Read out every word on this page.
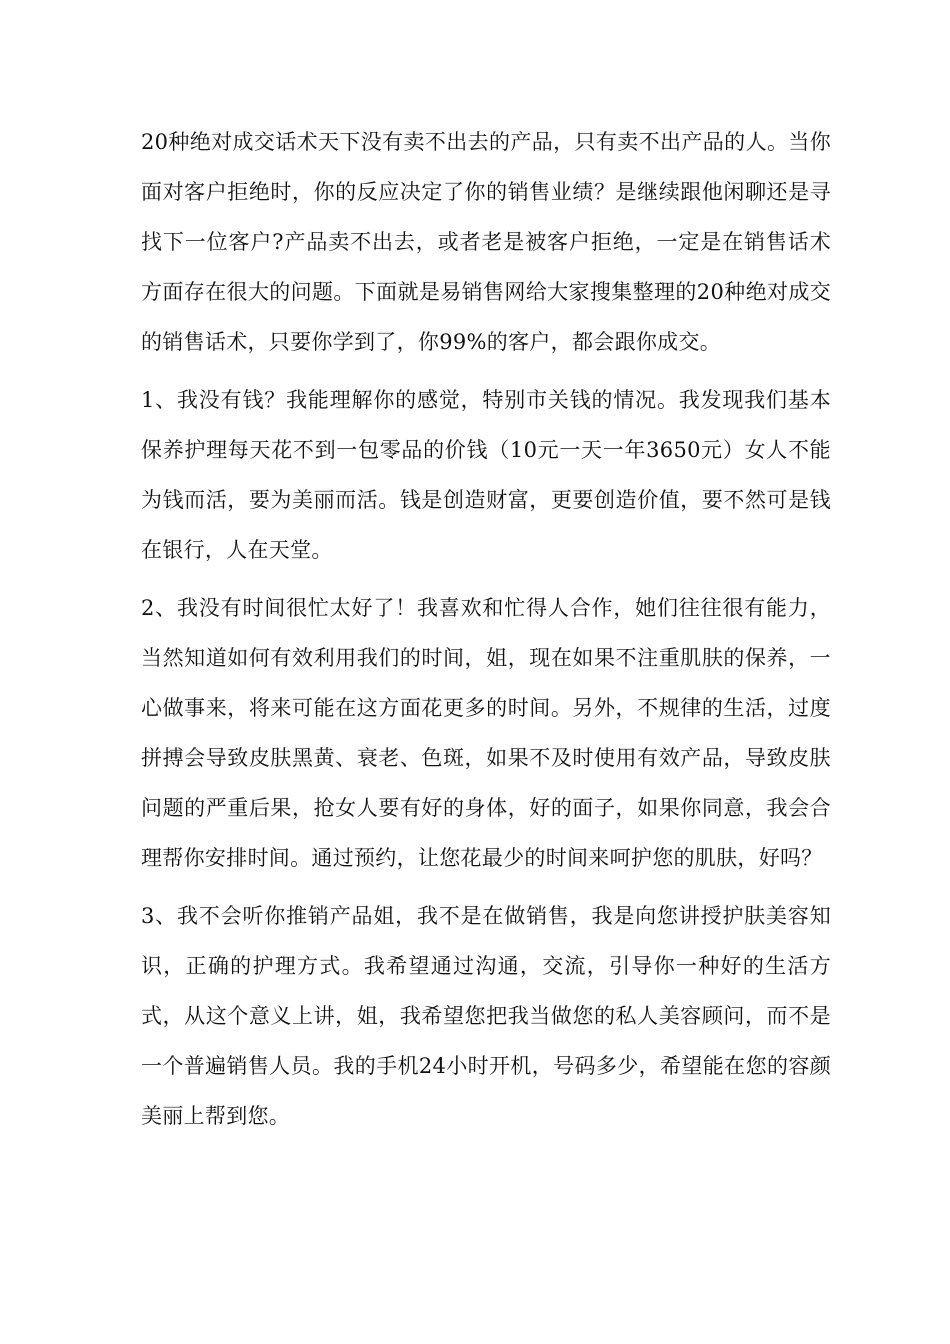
20种绝对成交话术天下没有卖不出去的产品，只有卖不出产品的人。当你面对客户拒绝时，你的反应决定了你的销售业绩？是继续跟他闲聊还是寻找下一位客户?产品卖不出去，或者老是被客户拒绝，一定是在销售话术方面存在很大的问题。下面就是易销售网给大家搜集整理的20种绝对成交的销售话术，只要你学到了，你99%的客户，都会跟你成交。

1、我没有钱？我能理解你的感觉，特别市关钱的情况。我发现我们基本保养护理每天花不到一包零品的价钱（10元一天一年3650元）女人不能为钱而活，要为美丽而活。钱是创造财富，更要创造价值，要不然可是钱在银行，人在天堂。

2、我没有时间很忙太好了！我喜欢和忙得人合作，她们往往很有能力，当然知道如何有效利用我们的时间，姐，现在如果不注重肌肤的保养，一心做事来，将来可能在这方面花更多的时间。另外，不规律的生活，过度拼搏会导致皮肤黑黄、衰老、色斑，如果不及时使用有效产品，导致皮肤问题的严重后果，抢女人要有好的身体，好的面子，如果你同意，我会合理帮你安排时间。通过预约，让您花最少的时间来呵护您的肌肤，好吗？

3、我不会听你推销产品姐，我不是在做销售，我是向您讲授护肤美容知识，正确的护理方式。我希望通过沟通，交流，引导你一种好的生活方式，从这个意义上讲，姐，我希望您把我当做您的私人美容顾问，而不是一个普遍销售人员。我的手机24小时开机，号码多少，希望能在您的容颜美丽上帮到您。
